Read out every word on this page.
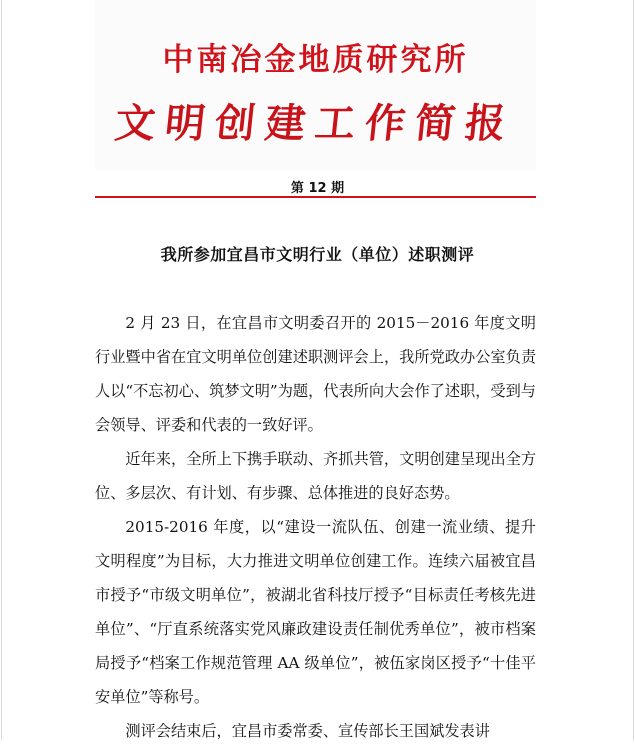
中南冶金地质研究所
文明创建工作简报
第 12 期
我所参加宜昌市文明行业（单位）述职测评

2 月 23 日，在宜昌市文明委召开的 2015－2016 年度文明行业暨中省在宜文明单位创建述职测评会上，我所党政办公室负责人以“不忘初心、筑梦文明”为题，代表所向大会作了述职，受到与会领导、评委和代表的一致好评。

近年来，全所上下携手联动、齐抓共管，文明创建呈现出全方位、多层次、有计划、有步骤、总体推进的良好态势。

2015-2016 年度，以“建设一流队伍、创建一流业绩、提升文明程度”为目标，大力推进文明单位创建工作。连续六届被宜昌市授予“市级文明单位”，被湖北省科技厅授予“目标责任考核先进单位”、“厅直系统落实党风廉政建设责任制优秀单位”，被市档案局授予“档案工作规范管理 AA 级单位”，被伍家岗区授予“十佳平安单位”等称号。

测评会结束后，宜昌市委常委、宣传部长王国斌发表讲
